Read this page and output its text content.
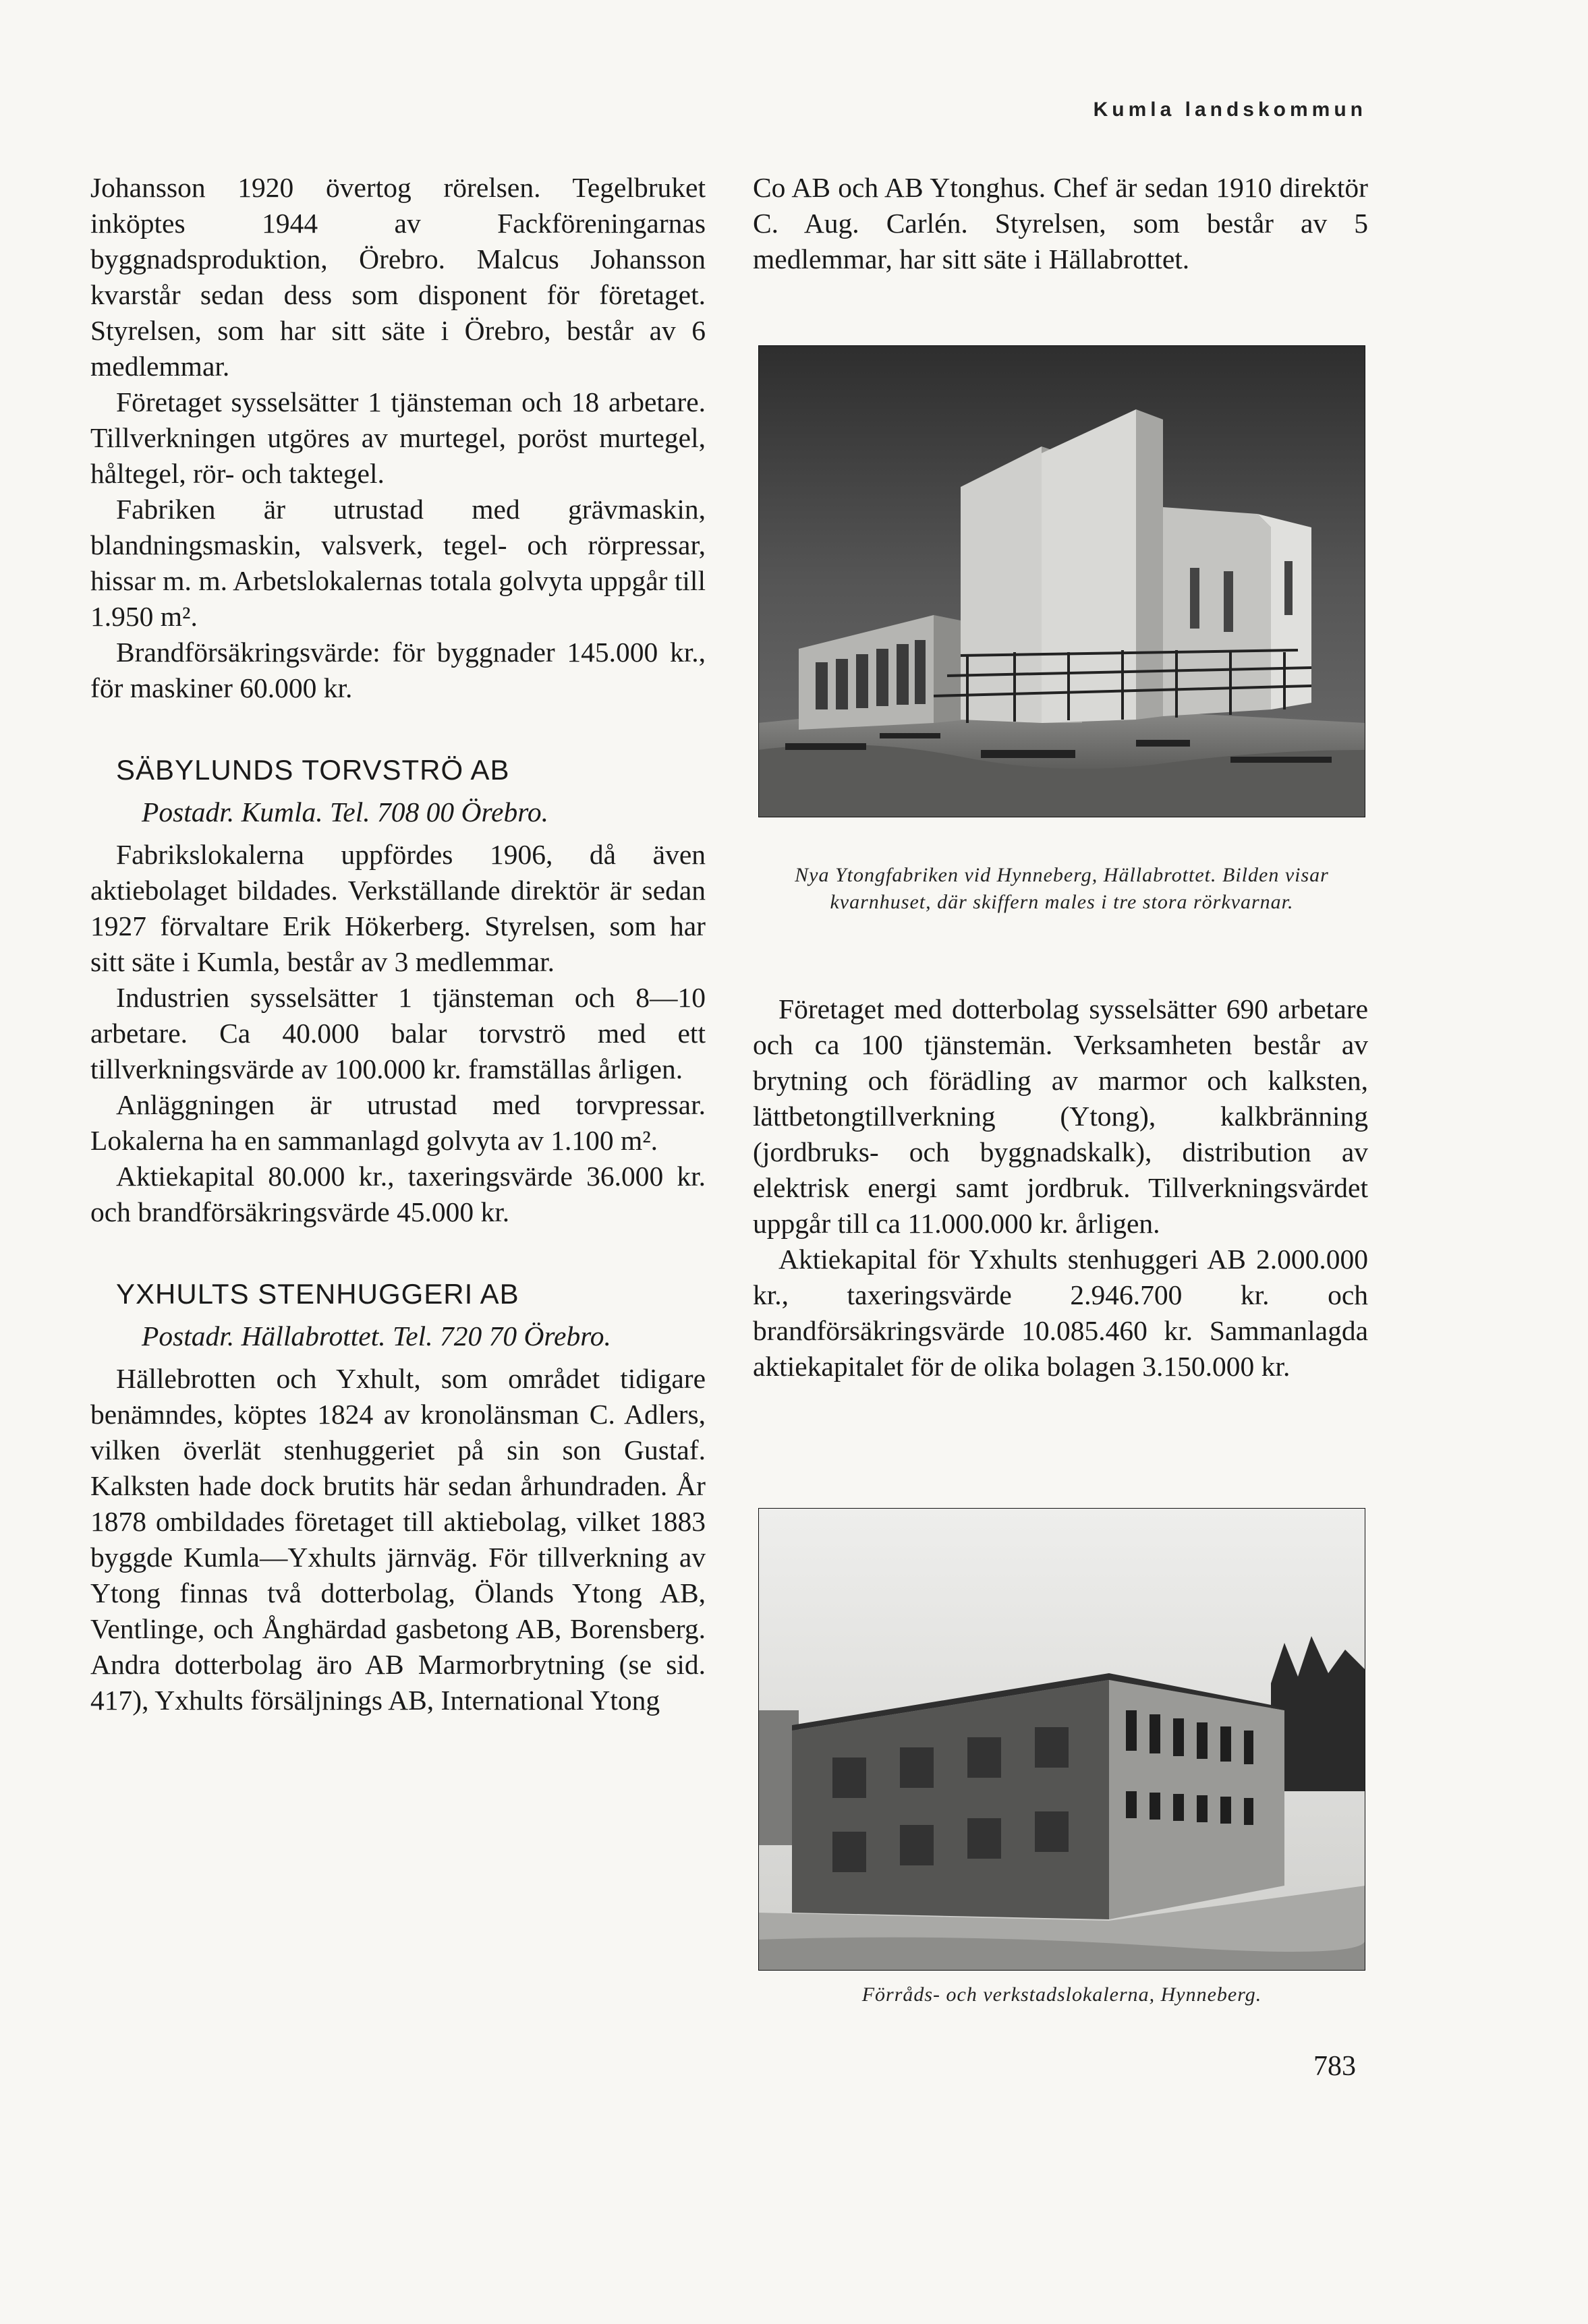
Kumla landskommun

Johansson 1920 övertog rörelsen. Tegelbruket inköptes 1944 av Fackföreningarnas byggnadsproduktion, Örebro. Malcus Johansson kvarstår sedan dess som disponent för företaget. Styrelsen, som har sitt säte i Örebro, består av 6 medlemmar.

Företaget sysselsätter 1 tjänsteman och 18 arbetare. Tillverkningen utgöres av murtegel, poröst murtegel, håltegel, rör- och taktegel.

Fabriken är utrustad med grävmaskin, blandningsmaskin, valsverk, tegel- och rörpressar, hissar m. m. Arbetslokalernas totala golvyta uppgår till 1.950 m².

Brandförsäkringsvärde: för byggnader 145.000 kr., för maskiner 60.000 kr.

SÄBYLUNDS TORVSTRÖ AB

Postadr. Kumla. Tel. 708 00 Örebro.

Fabrikslokalerna uppfördes 1906, då även aktiebolaget bildades. Verkställande direktör är sedan 1927 förvaltare Erik Hökerberg. Styrelsen, som har sitt säte i Kumla, består av 3 medlemmar.

Industrien sysselsätter 1 tjänsteman och 8—10 arbetare. Ca 40.000 balar torvströ med ett tillverkningsvärde av 100.000 kr. framställas årligen.

Anläggningen är utrustad med torvpressar. Lokalerna ha en sammanlagd golvyta av 1.100 m².

Aktiekapital 80.000 kr., taxeringsvärde 36.000 kr. och brandförsäkringsvärde 45.000 kr.

YXHULTS STENHUGGERI AB

Postadr. Hällabrottet. Tel. 720 70 Örebro.

Hällebrotten och Yxhult, som området tidigare benämndes, köptes 1824 av kronolänsman C. Adlers, vilken överlät stenhuggeriet på sin son Gustaf. Kalksten hade dock brutits här sedan århundraden. År 1878 ombildades företaget till aktiebolag, vilket 1883 byggde Kumla—Yxhults järnväg. För tillverkning av Ytong finnas två dotterbolag, Ölands Ytong AB, Ventlinge, och Ånghärdad gasbetong AB, Borensberg. Andra dotterbolag äro AB Marmorbrytning (se sid. 417), Yxhults försäljnings AB, International Ytong

Co AB och AB Ytonghus. Chef är sedan 1910 direktör C. Aug. Carlén. Styrelsen, som består av 5 medlemmar, har sitt säte i Hällabrottet.

Nya Ytongfabriken vid Hynneberg, Hällabrottet. Bilden visar kvarnhuset, där skiffern males i tre stora rörkvarnar.

Företaget med dotterbolag sysselsätter 690 arbetare och ca 100 tjänstemän. Verksamheten består av brytning och förädling av marmor och kalksten, lättbetongtillverkning (Ytong), kalkbränning (jordbruks- och byggnadskalk), distribution av elektrisk energi samt jordbruk. Tillverkningsvärdet uppgår till ca 11.000.000 kr. årligen.

Aktiekapital för Yxhults stenhuggeri AB 2.000.000 kr., taxeringsvärde 2.946.700 kr. och brandförsäkringsvärde 10.085.460 kr. Sammanlagda aktiekapitalet för de olika bolagen 3.150.000 kr.

Förråds- och verkstadslokalerna, Hynneberg.
783
